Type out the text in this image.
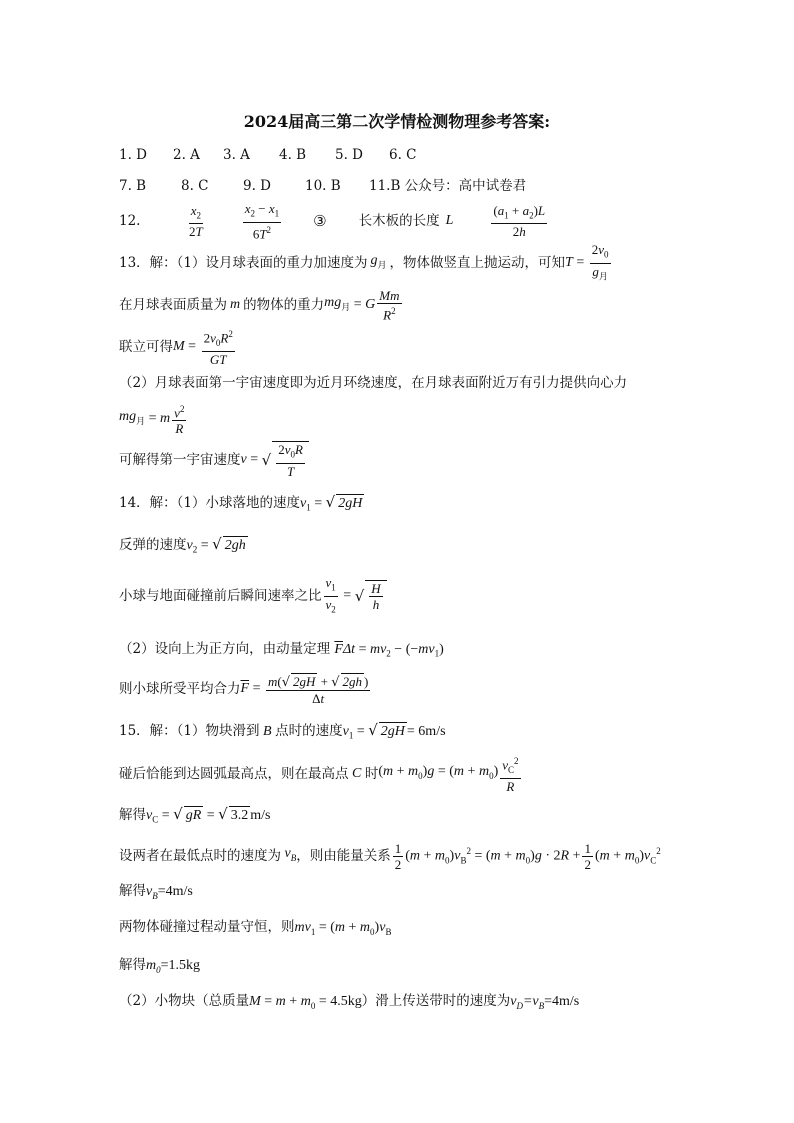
2024届高三第二次学情检测物理参考答案:
1. D 2. A 3. A 4. B 5. D 6. C
7. B	8. C	9. D	10. B 11.B 公众号：高中试卷君
12.	$\frac{x_2}{2T}$	$\frac{x_2 - x_1}{6T^2}$ ③ 长木板的长度 L	$\frac{(a_1 + a_2)L}{2h}$
13．解：（1）设月球表面的重力加速度为 $g_月$ ，物体做竖直上抛运动，可知 $T = \frac{2v_0}{g_月}$
在月球表面质量为 m 的物体的重力 $mg_月 = G \frac{Mm}{R^2}$
联立可得 $M = \frac{2v_0R^2}{GT}$
（2）月球表面第一宇宙速度即为近月环绕速度，在月球表面附近万有引力提供向心力
$mg_月 = m \frac{v^2}{R}$
可解得第一宇宙速度 v = √ $\frac{2v_0R}{T}$
14．解：（1）小球落地的速度$v_1$ = √ 2gH
反弹的速度$v_2$ = √ 2gh
小球与地面碰撞前后瞬间速率之比 $\frac{v_1}{v_2}$ = √ $\frac{H}{h}$
（2）设向上为正方向，由动量定理 $\overline{F}\Delta t = mv_2 - (-mv_1)$
则小球所受平均合力 $\overline{F} = \frac{m(√ 2gH + √ 2gh )}{\Delta t}$
15．解：（1）物块滑到 B 点时的速度$v_1$ = √ 2gH = 6m/s
碰后恰能到达圆弧最高点，则在最高点 C 时 $(m + m_0)g = (m + m_0) \frac{v_C^2}{R}$
解得$v_C$ = √ gR = √ 3.2 m/s
设两者在最低点时的速度为 $v_B$ ，则由能量关系 $\frac{1}{2} (m + m_0)v_B^2 = (m + m_0)g \cdot 2R + \frac{1}{2} (m + m_0)v_C^2$
解得$v_B=4m/s$
两物体碰撞过程动量守恒，则$mv_1 = (m + m_0)v_B$
解得$m_0=1.5kg$
（2）小物块（总质量$M = m + m_0 = 4.5kg$）滑上传送带时的速度为$v_D=v_B=4m/s$
